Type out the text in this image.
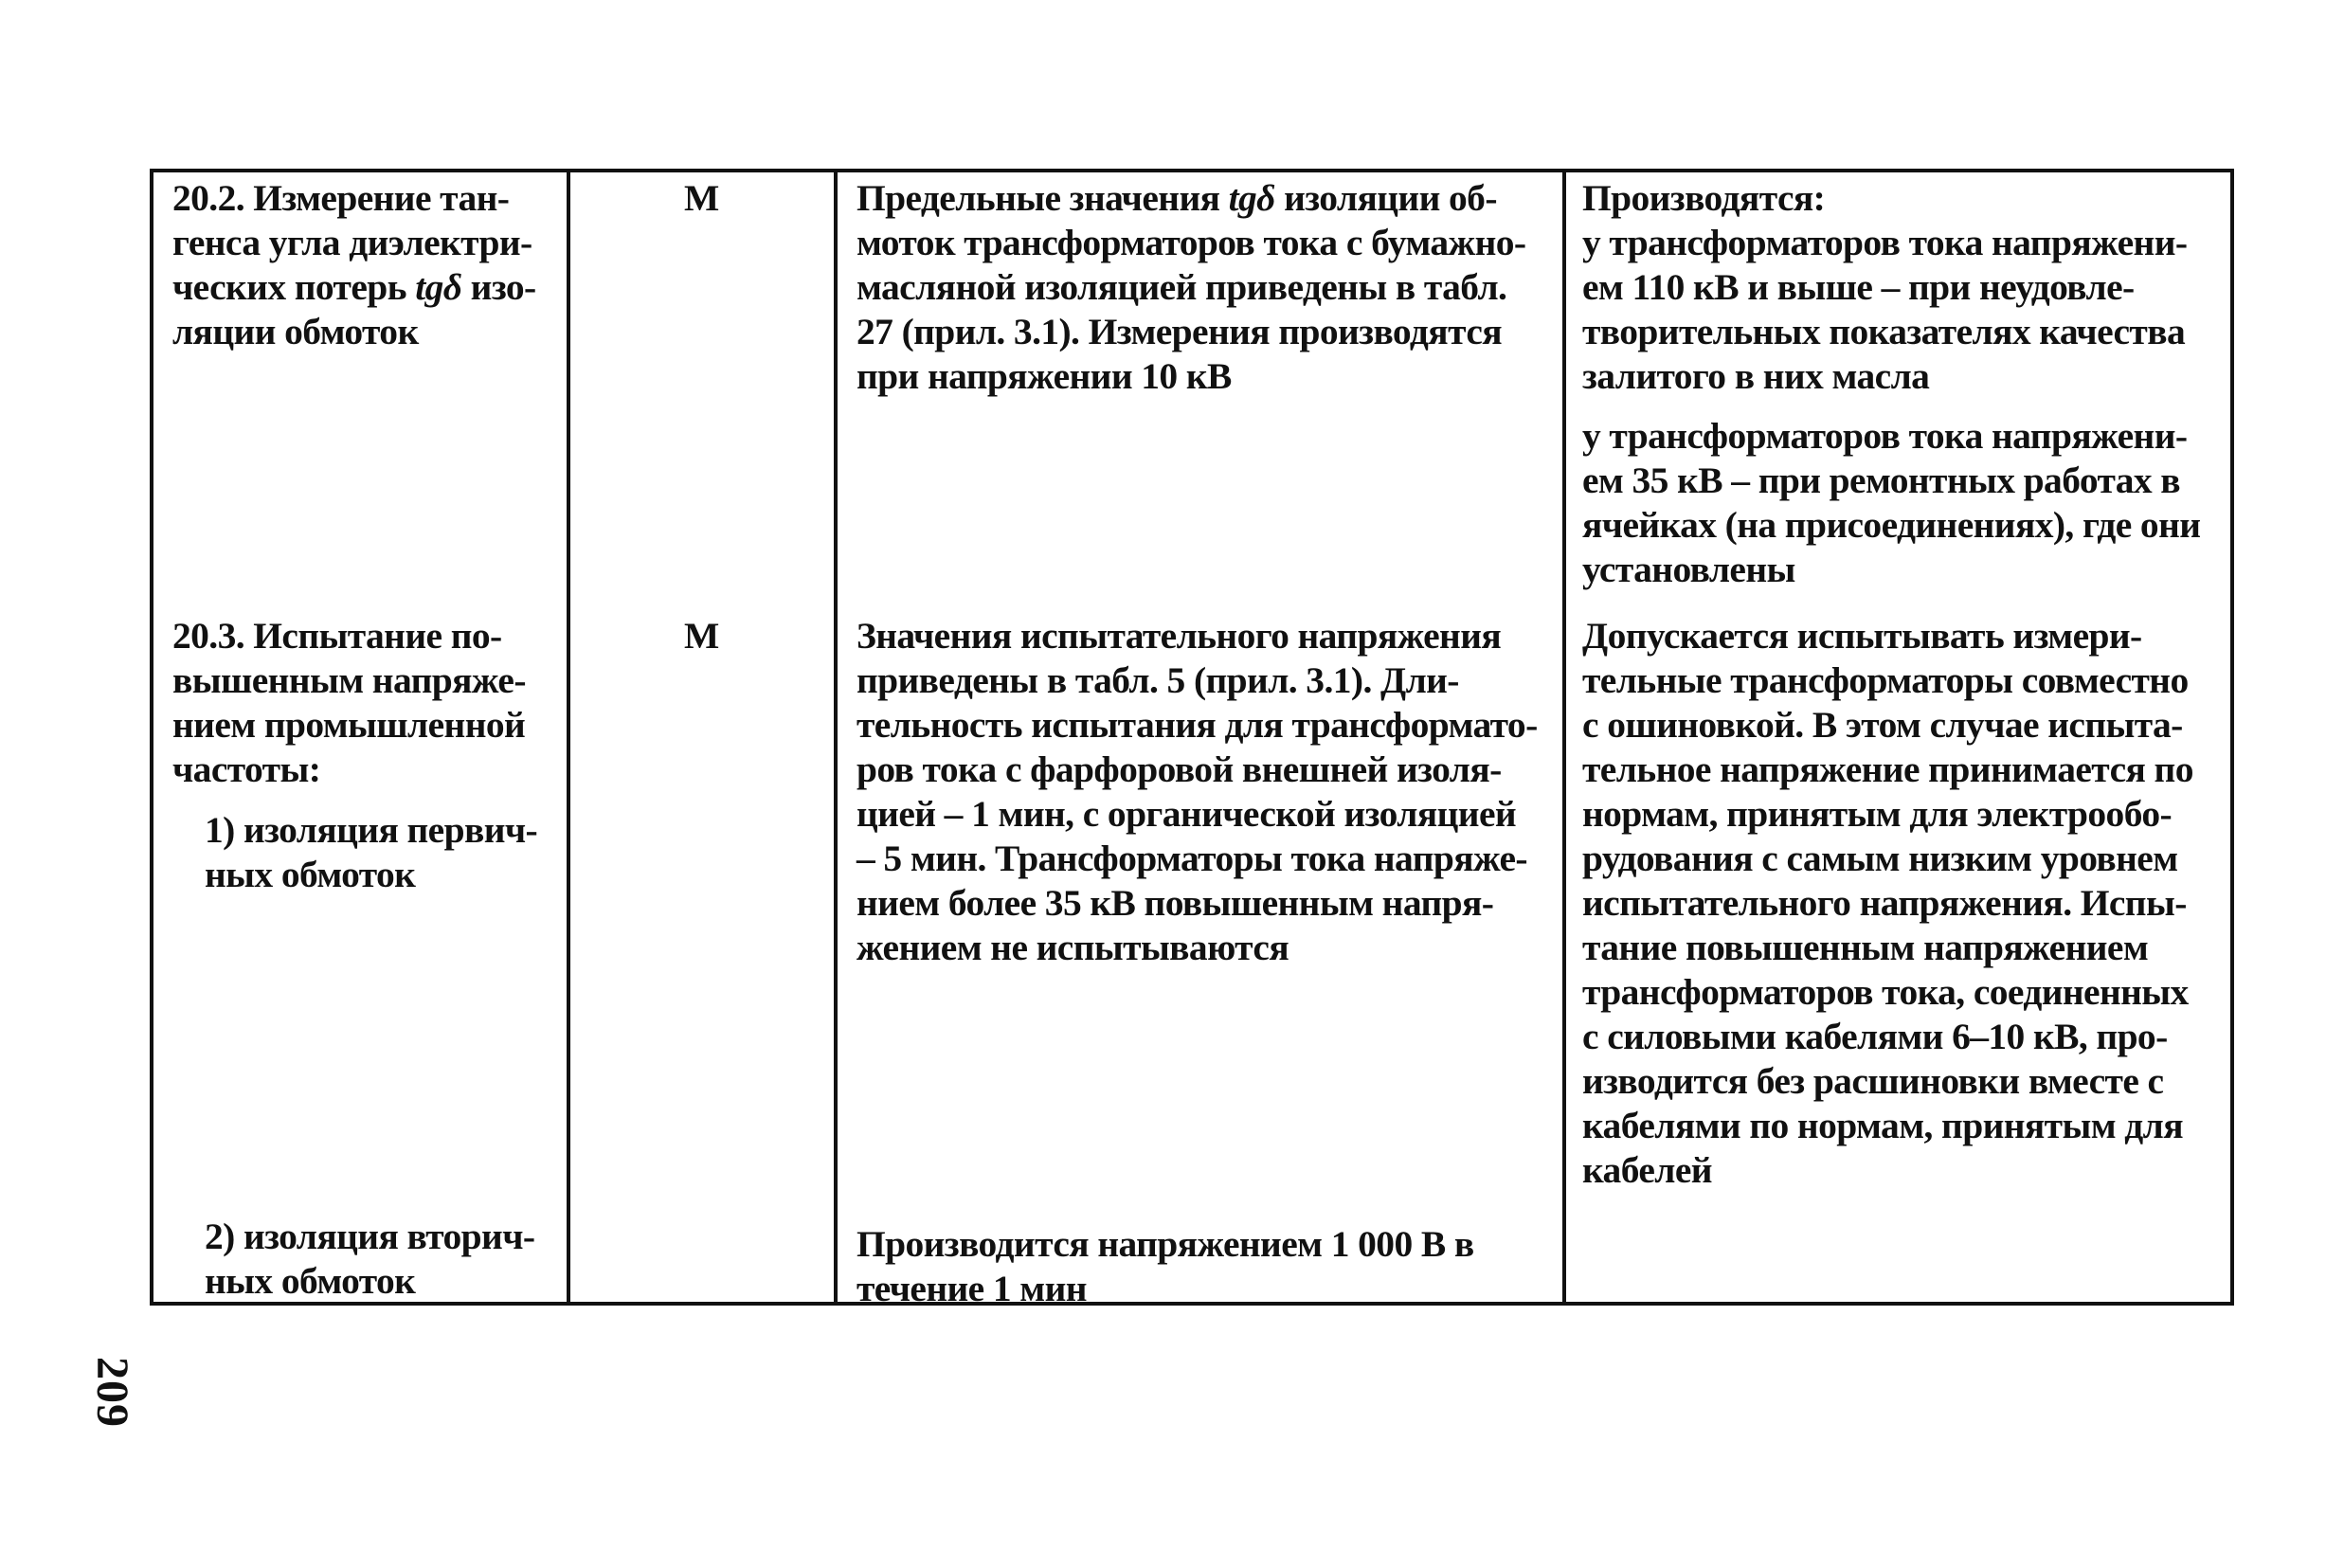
20.2. Измерение тан-
генса угла диэлектри-
ческих потерь tgδ изо-
ляции обмоток
М	Предельные значения tgδ изоляции об-
моток трансформаторов тока с бумажно-
масляной изоляцией приведены в табл.
27 (прил. 3.1). Измерения производятся
при напряжении 10 кВ
Производятся:
у трансформаторов тока напряжени-
ем 110 кВ и выше – при неудовле-
творительных показателях качества
залитого в них масла
у трансформаторов тока напряжени-
ем 35 кВ – при ремонтных работах в
ячейках (на присоединениях), где они
установлены
20.3. Испытание по-
вышенным напряже-
нием промышленной
частоты:
1) изоляция первич-
ных обмоток
М	Значения испытательного напряжения
приведены в табл. 5 (прил. 3.1). Дли-
тельность испытания для трансформато-
ров тока с фарфоровой внешней изоля-
цией – 1 мин, с органической изоляцией
– 5 мин. Трансформаторы тока напряже-
нием более 35 кВ повышенным напря-
жением не испытываются
Допускается испытывать измери-
тельные трансформаторы совместно
с ошиновкой. В этом случае испыта-
тельное напряжение принимается по
нормам, принятым для электрообо-
рудования с самым низким уровнем
испытательного напряжения. Испы-
тание повышенным напряжением
трансформаторов тока, соединенных
с силовыми кабелями 6–10 кВ, про-
изводится без расшиновки вместе с
кабелями по нормам, принятым для
кабелей
2) изоляция вторич-
ных обмоток
Производится напряжением 1 000 В в
течение 1 мин
209
